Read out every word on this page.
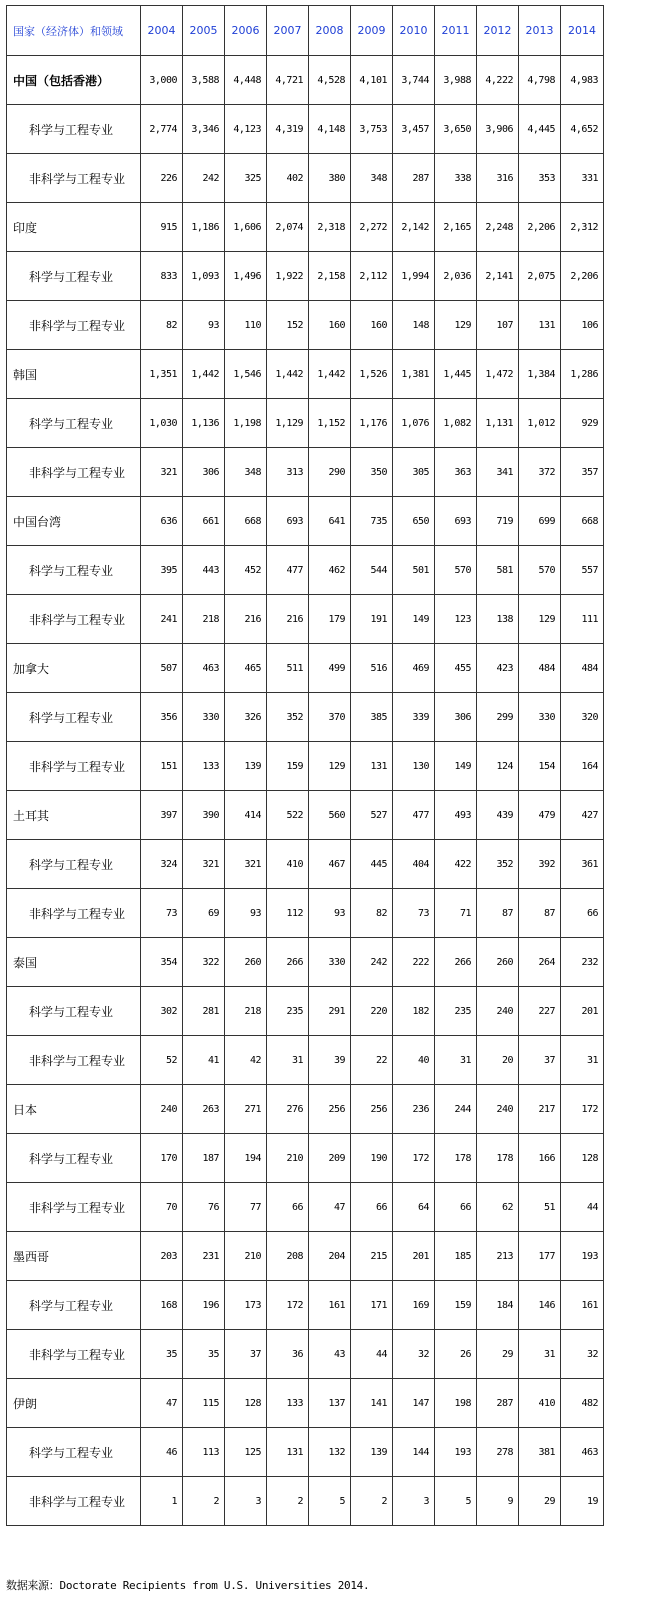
国家（经济体）和领域	2004	2005	2006	2007	2008	2009	2010	2011	2012	2013	2014
中国（包括香港）	3,000	3,588	4,448	4,721	4,528	4,101	3,744	3,988	4,222	4,798	4,983
科学与工程专业	2,774	3,346	4,123	4,319	4,148	3,753	3,457	3,650	3,906	4,445	4,652
非科学与工程专业	226	242	325	402	380	348	287	338	316	353	331
印度	915	1,186	1,606	2,074	2,318	2,272	2,142	2,165	2,248	2,206	2,312
科学与工程专业	833	1,093	1,496	1,922	2,158	2,112	1,994	2,036	2,141	2,075	2,206
非科学与工程专业	82	93	110	152	160	160	148	129	107	131	106
韩国	1,351	1,442	1,546	1,442	1,442	1,526	1,381	1,445	1,472	1,384	1,286
科学与工程专业	1,030	1,136	1,198	1,129	1,152	1,176	1,076	1,082	1,131	1,012	929
非科学与工程专业	321	306	348	313	290	350	305	363	341	372	357
中国台湾	636	661	668	693	641	735	650	693	719	699	668
科学与工程专业	395	443	452	477	462	544	501	570	581	570	557
非科学与工程专业	241	218	216	216	179	191	149	123	138	129	111
加拿大	507	463	465	511	499	516	469	455	423	484	484
科学与工程专业	356	330	326	352	370	385	339	306	299	330	320
非科学与工程专业	151	133	139	159	129	131	130	149	124	154	164
土耳其	397	390	414	522	560	527	477	493	439	479	427
科学与工程专业	324	321	321	410	467	445	404	422	352	392	361
非科学与工程专业	73	69	93	112	93	82	73	71	87	87	66
泰国	354	322	260	266	330	242	222	266	260	264	232
科学与工程专业	302	281	218	235	291	220	182	235	240	227	201
非科学与工程专业	52	41	42	31	39	22	40	31	20	37	31
日本	240	263	271	276	256	256	236	244	240	217	172
科学与工程专业	170	187	194	210	209	190	172	178	178	166	128
非科学与工程专业	70	76	77	66	47	66	64	66	62	51	44
墨西哥	203	231	210	208	204	215	201	185	213	177	193
科学与工程专业	168	196	173	172	161	171	169	159	184	146	161
非科学与工程专业	35	35	37	36	43	44	32	26	29	31	32
伊朗	47	115	128	133	137	141	147	198	287	410	482
科学与工程专业	46	113	125	131	132	139	144	193	278	381	463
非科学与工程专业	1	2	3	2	5	2	3	5	9	29	19
数据来源：Doctorate Recipients from U.S. Universities 2014.
